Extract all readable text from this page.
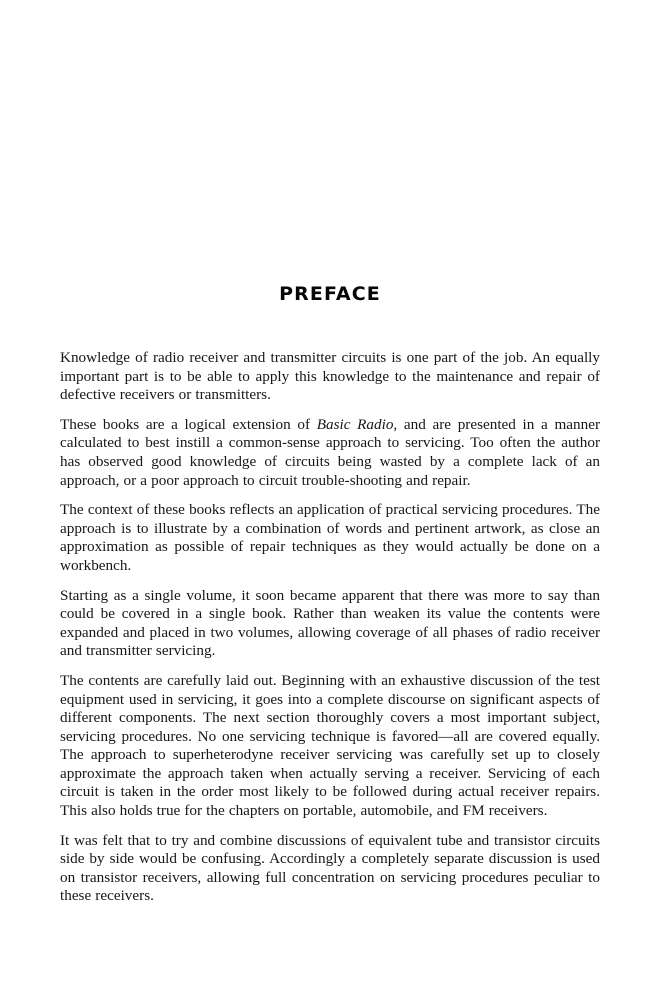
PREFACE

Knowledge of radio receiver and transmitter circuits is one part of the job. An equally important part is to be able to apply this knowledge to the maintenance and repair of defective receivers or transmitters.

These books are a logical extension of Basic Radio, and are presented in a manner calculated to best instill a common-sense approach to servicing. Too often the author has observed good knowledge of circuits being wasted by a complete lack of an approach, or a poor approach to circuit trouble-shooting and repair.

The context of these books reflects an application of practical servicing procedures. The approach is to illustrate by a combination of words and pertinent artwork, as close an approximation as possible of repair techniques as they would actually be done on a workbench.

Starting as a single volume, it soon became apparent that there was more to say than could be covered in a single book. Rather than weaken its value the contents were expanded and placed in two volumes, allowing coverage of all phases of radio receiver and transmitter servicing.

The contents are carefully laid out. Beginning with an exhaustive discussion of the test equipment used in servicing, it goes into a complete discourse on significant aspects of different components. The next section thoroughly covers a most important subject, servicing procedures. No one servicing technique is favored—all are covered equally. The approach to superheterodyne receiver servicing was carefully set up to closely approximate the approach taken when actually serving a receiver. Servicing of each circuit is taken in the order most likely to be followed during actual receiver repairs. This also holds true for the chapters on portable, automobile, and FM receivers.

It was felt that to try and combine discussions of equivalent tube and transistor circuits side by side would be confusing. Accordingly a completely separate discussion is used on transistor receivers, allowing full concentration on servicing procedures peculiar to these receivers.
